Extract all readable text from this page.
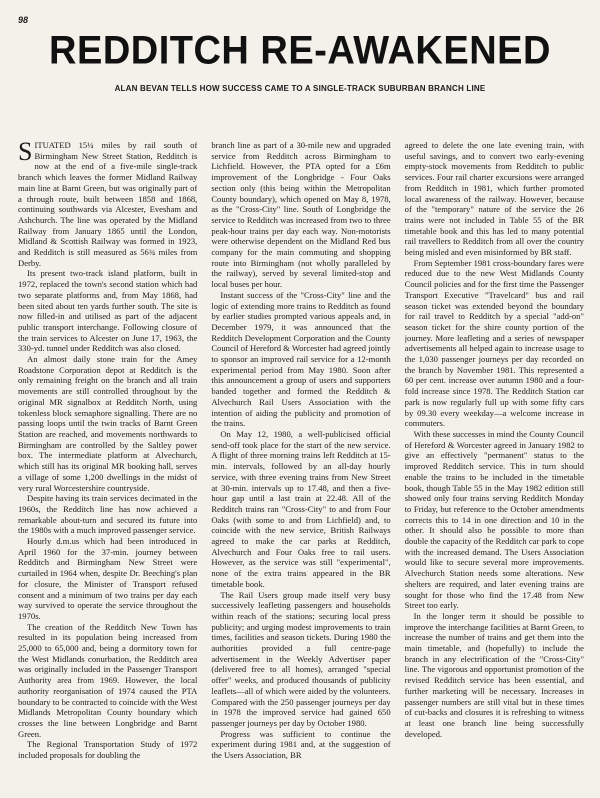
98
REDDITCH RE-AWAKENED
ALAN BEVAN TELLS HOW SUCCESS CAME TO A SINGLE-TRACK SUBURBAN BRANCH LINE

SITUATED 15¼ miles by rail south of Birmingham New Street Station, Redditch is now at the end of a five-mile single-track branch which leaves the former Midland Railway main line at Barnt Green, but was originally part of a through route, built between 1858 and 1868, continuing southwards via Alcester, Evesham and Ashchurch. The line was operated by the Midland Railway from January 1865 until the London, Midland & Scottish Railway was formed in 1923, and Redditch is still measured as 56¾ miles from Derby.

Its present two-track island platform, built in 1972, replaced the town's second station which had two separate platforms and, from May 1868, had been sited about ten yards further south. The site is now filled-in and utilised as part of the adjacent public transport interchange. Following closure of the train services to Alcester on June 17, 1963, the 330-yd. tunnel under Redditch was also closed.

An almost daily stone train for the Amey Roadstone Corporation depot at Redditch is the only remaining freight on the branch and all train movements are still controlled throughout by the original MR signalbox at Redditch North, using tokenless block semaphore signalling. There are no passing loops until the twin tracks of Barnt Green Station are reached, and movements northwards to Birmingham are controlled by the Saltley power box. The intermediate platform at Alvechurch, which still has its original MR booking hall, serves a village of some 1,200 dwellings in the midst of very rural Worcestershire countryside.

Despite having its train services decimated in the 1960s, the Redditch line has now achieved a remarkable about-turn and secured its future into the 1980s with a much improved passenger service.

Hourly d.m.us which had been introduced in April 1960 for the 37-min. journey between Redditch and Birmingham New Street were curtailed in 1964 when, despite Dr. Beeching's plan for closure, the Minister of Transport refused consent and a minimum of two trains per day each way survived to operate the service throughout the 1970s.

The creation of the Redditch New Town has resulted in its population being increased from 25,000 to 65,000 and, being a dormitory town for the West Midlands conurbation, the Redditch area was originally included in the Passenger Transport Authority area from 1969. However, the local authority reorganisation of 1974 caused the PTA boundary to be contracted to coincide with the West Midlands Metropolitan County boundary which crosses the line between Longbridge and Barnt Green.

The Regional Transportation Study of 1972 included proposals for doubling the

branch line as part of a 30-mile new and upgraded service from Redditch across Birmingham to Lichfield. However, the PTA opted for a £6m improvement of the Longbridge - Four Oaks section only (this being within the Metropolitan County boundary), which opened on May 8, 1978, as the "Cross-City" line. South of Longbridge the service to Redditch was increased from two to three peak-hour trains per day each way. Non-motorists were otherwise dependent on the Midland Red bus company for the main commuting and shopping route into Birmingham (not wholly paralleled by the railway), served by several limited-stop and local buses per hour.

Instant success of the "Cross-City" line and the logic of extending more trains to Redditch as found by earlier studies prompted various appeals and, in December 1979, it was announced that the Redditch Development Corporation and the County Council of Hereford & Worcester had agreed jointly to sponsor an improved rail service for a 12-month experimental period from May 1980. Soon after this announcement a group of users and supporters banded together and formed the Redditch & Alvechurch Rail Users Association with the intention of aiding the publicity and promotion of the trains.

On May 12, 1980, a well-publicised official send-off took place for the start of the new service. A flight of three morning trains left Redditch at 15-min. intervals, followed by an all-day hourly service, with three evening trains from New Street at 30-min. intervals up to 17.48, and then a five-hour gap until a last train at 22.48. All of the Redditch trains ran "Cross-City" to and from Four Oaks (with some to and from Lichfield) and, to coincide with the new service, British Railways agreed to make the car parks at Redditch, Alvechurch and Four Oaks free to rail users. However, as the service was still "experimental", none of the extra trains appeared in the BR timetable book.

The Rail Users group made itself very busy successively leafleting passengers and households within reach of the stations; securing local press publicity; and urging modest improvements to train times, facilities and season tickets. During 1980 the authorities provided a full centre-page advertisement in the Weekly Advertiser paper (delivered free to all homes), arranged "special offer" weeks, and produced thousands of publicity leaflets—all of which were aided by the volunteers. Compared with the 250 passenger journeys per day in 1978 the improved service had gained 650 passenger journeys per day by October 1980.

Progress was sufficient to continue the experiment during 1981 and, at the suggestion of the Users Association, BR

agreed to delete the one late evening train, with useful savings, and to convert two early-evening empty-stock movements from Redditch to public services. Four rail charter excursions were arranged from Redditch in 1981, which further promoted local awareness of the railway. However, because of the "temporary" nature of the service the 26 trains were not included in Table 55 of the BR timetable book and this has led to many potential rail travellers to Redditch from all over the country being misled and even misinformed by BR staff.

From September 1981 cross-boundary fares were reduced due to the new West Midlands County Council policies and for the first time the Passenger Transport Executive "Travelcard" bus and rail season ticket was extended beyond the boundary for rail travel to Redditch by a special "add-on" season ticket for the shire county portion of the journey. More leafleting and a series of newspaper advertisements all helped again to increase usage to the 1,030 passenger journeys per day recorded on the branch by November 1981. This represented a 60 per cent. increase over autumn 1980 and a four-fold increase since 1978. The Redditch Station car park is now regularly full up with some fifty cars by 09.30 every weekday—a welcome increase in commuters.

With these successes in mind the County Council of Hereford & Worcester agreed in January 1982 to give an effectively "permanent" status to the improved Redditch service. This in turn should enable the trains to be included in the timetable book, though Table 55 in the May 1982 edition still showed only four trains serving Redditch Monday to Friday, but reference to the October amendments corrects this to 14 in one direction and 10 in the other. It should also be possible to more than double the capacity of the Redditch car park to cope with the increased demand. The Users Association would like to secure several more improvements. Alvechurch Station needs some alterations. New shelters are required, and later evening trains are sought for those who find the 17.48 from New Street too early.

In the longer term it should be possible to improve the interchange facilities at Barnt Green, to increase the number of trains and get them into the main timetable, and (hopefully) to include the branch in any electrification of the "Cross-City" line. The vigorous and opportunist promotion of the revised Redditch service has been essential, and further marketing will be necessary. Increases in passenger numbers are still vital but in these times of cut-backs and closures it is refreshing to witness at least one branch line being successfully developed.
